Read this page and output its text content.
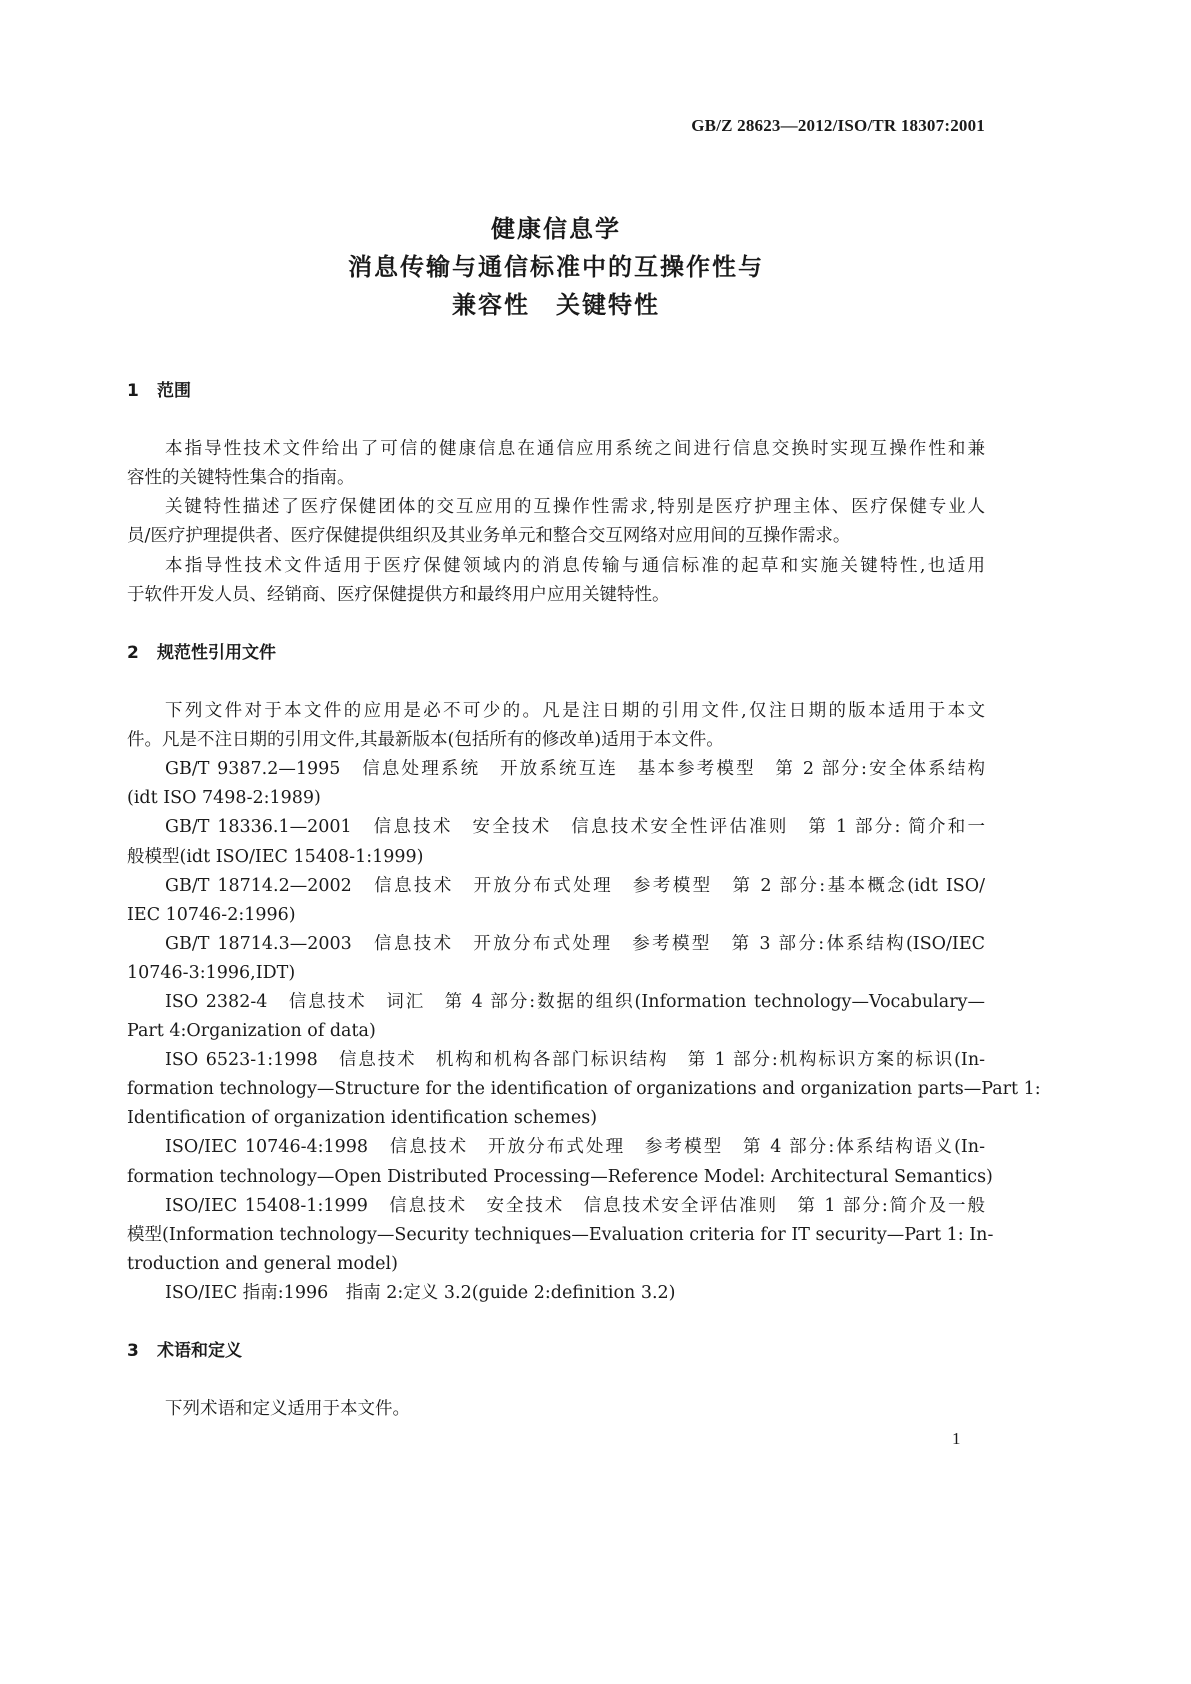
GB/Z 28623—2012/ISO/TR 18307:2001
健康信息学
消息传输与通信标准中的互操作性与
兼容性　关键特性
1 范围
本指导性技术文件给出了可信的健康信息在通信应用系统之间进行信息交换时实现互操作性和兼
容性的关键特性集合的指南。
关键特性描述了医疗保健团体的交互应用的互操作性需求,特别是医疗护理主体、医疗保健专业人
员/医疗护理提供者、医疗保健提供组织及其业务单元和整合交互网络对应用间的互操作需求。
本指导性技术文件适用于医疗保健领域内的消息传输与通信标准的起草和实施关键特性,也适用
于软件开发人员、经销商、医疗保健提供方和最终用户应用关键特性。
2 规范性引用文件
下列文件对于本文件的应用是必不可少的。凡是注日期的引用文件,仅注日期的版本适用于本文
件。凡是不注日期的引用文件,其最新版本(包括所有的修改单)适用于本文件。
GB/T 9387.2—1995　信息处理系统　开放系统互连　基本参考模型　第 2 部分:安全体系结构
(idt ISO 7498-2:1989)
GB/T 18336.1—2001　信息技术　安全技术　信息技术安全性评估准则　第 1 部分: 简介和一
般模型(idt ISO/IEC 15408-1:1999)
GB/T 18714.2—2002　信息技术　开放分布式处理　参考模型　第 2 部分:基本概念(idt ISO/
IEC 10746-2:1996)
GB/T 18714.3—2003　信息技术　开放分布式处理　参考模型　第 3 部分:体系结构(ISO/IEC
10746-3:1996,IDT)
ISO 2382-4　信息技术　词汇　第 4 部分:数据的组织(Information technology—Vocabulary—
Part 4:Organization of data)
ISO 6523-1:1998　信息技术　机构和机构各部门标识结构　第 1 部分:机构标识方案的标识(In-
formation technology—Structure for the identification of organizations and organization parts—Part 1:
Identification of organization identification schemes)
ISO/IEC 10746-4:1998　信息技术　开放分布式处理　参考模型　第 4 部分:体系结构语义(In-
formation technology—Open Distributed Processing—Reference Model: Architectural Semantics)
ISO/IEC 15408-1:1999　信息技术　安全技术　信息技术安全评估准则　第 1 部分:简介及一般
模型(Information technology—Security techniques—Evaluation criteria for IT security—Part 1: In-
troduction and general model)
ISO/IEC 指南:1996　指南 2:定义 3.2(guide 2:definition 3.2)
3 术语和定义
下列术语和定义适用于本文件。
1
